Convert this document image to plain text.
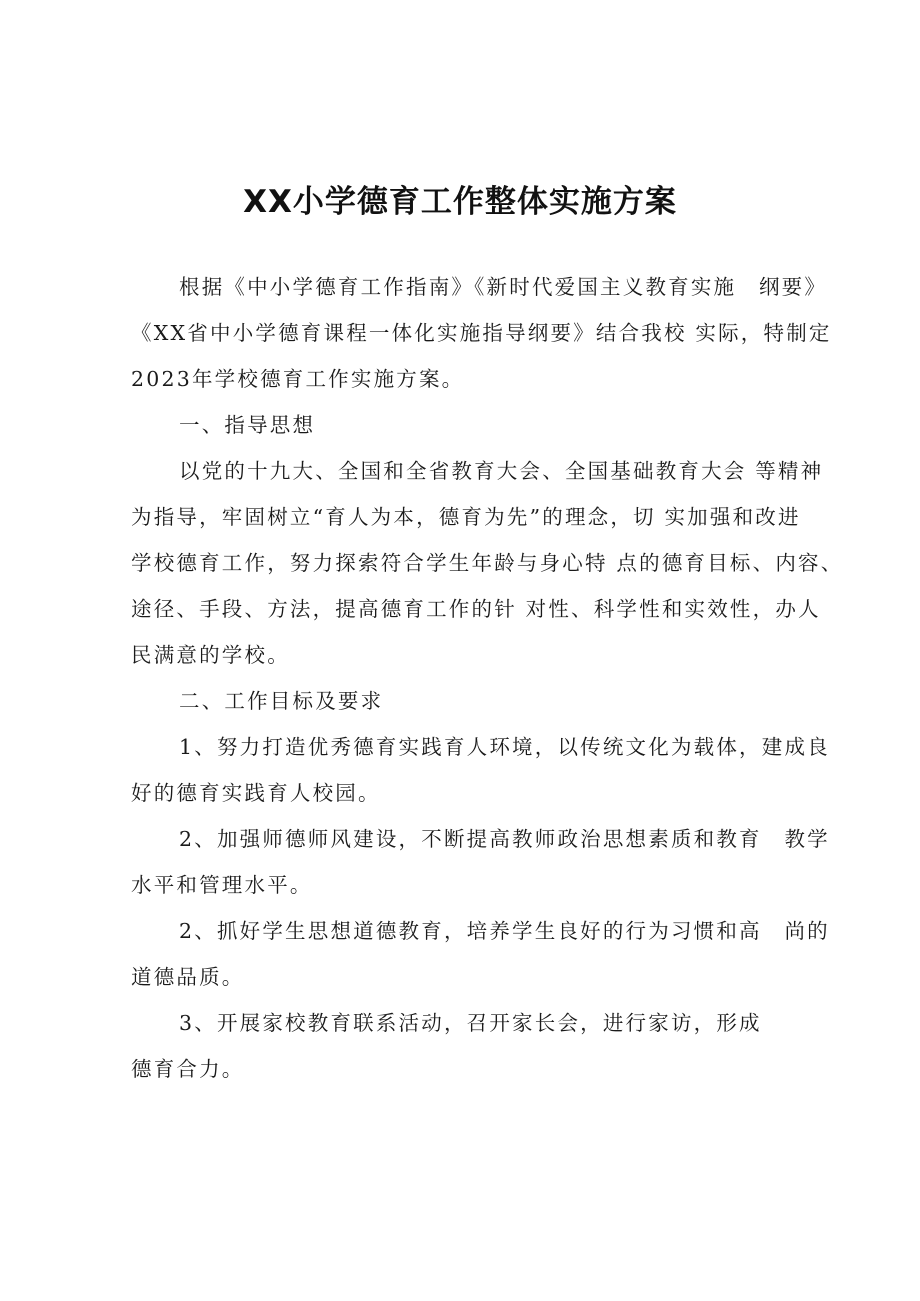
XX小学德育工作整体实施方案
根据《中小学德育工作指南》《新时代爱国主义教育实施　纲要》
《XX省中小学德育课程一体化实施指导纲要》结合我校 实际，特制定
2023年学校德育工作实施方案。
一、指导思想
以党的十九大、全国和全省教育大会、全国基础教育大会 等精神
为指导，牢固树立“育人为本，德育为先”的理念，切 实加强和改进
学校德育工作，努力探索符合学生年龄与身心特 点的德育目标、内容、
途径、手段、方法，提高德育工作的针 对性、科学性和实效性，办人
民满意的学校。
二、工作目标及要求
1、努力打造优秀德育实践育人环境，以传统文化为载体，建成良
好的德育实践育人校园。
2、加强师德师风建设，不断提高教师政治思想素质和教育　教学
水平和管理水平。
2、抓好学生思想道德教育，培养学生良好的行为习惯和高　尚的
道德品质。
3、开展家校教育联系活动，召开家长会，进行家访，形成
德育合力。
